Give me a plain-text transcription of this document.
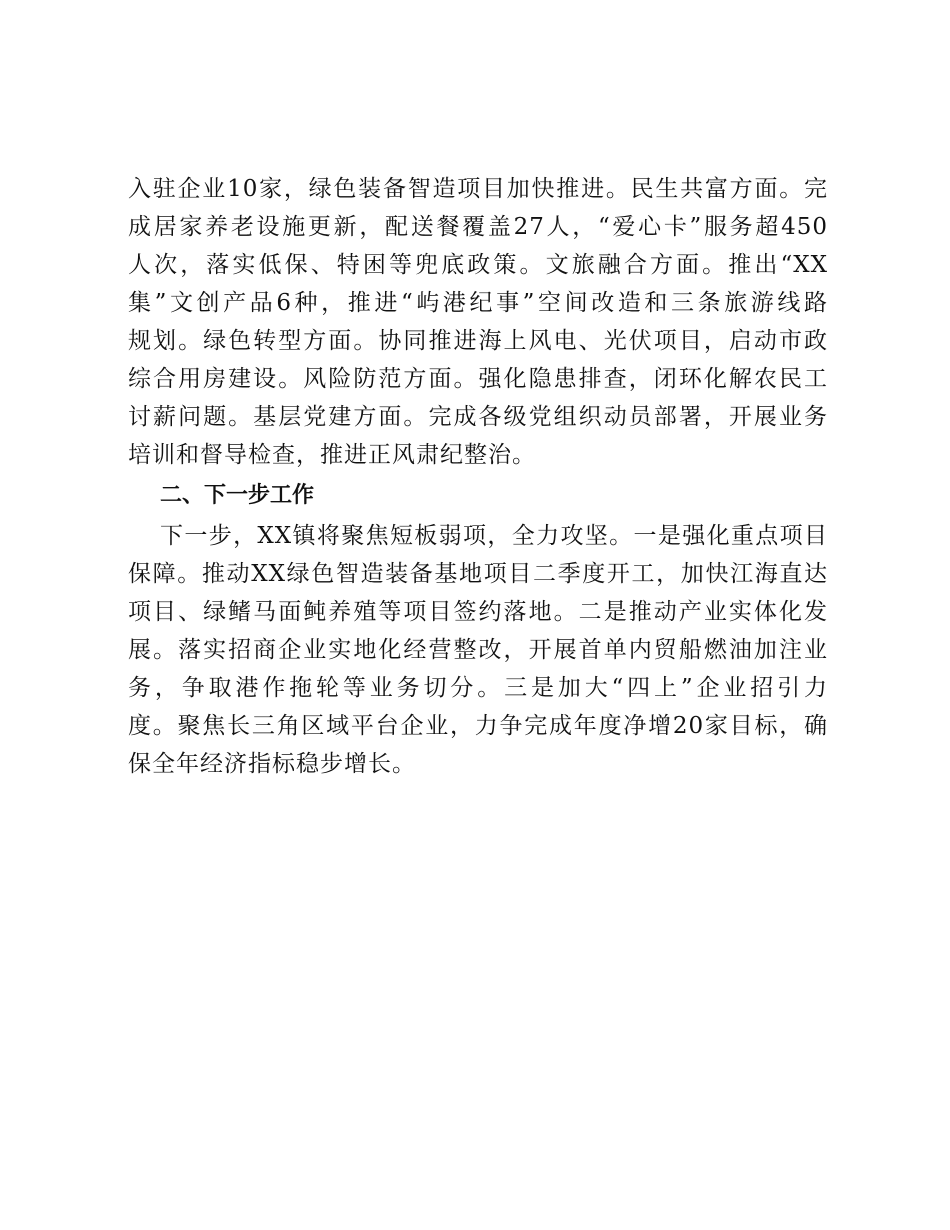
入驻企业10家，绿色装备智造项目加快推进。民生共富方面。完
成居家养老设施更新，配送餐覆盖27人，“爱心卡”服务超450
人次，落实低保、特困等兜底政策。文旅融合方面。推出“XX
集”文创产品6种，推进“屿港纪事”空间改造和三条旅游线路
规划。绿色转型方面。协同推进海上风电、光伏项目，启动市政
综合用房建设。风险防范方面。强化隐患排查，闭环化解农民工
讨薪问题。基层党建方面。完成各级党组织动员部署，开展业务
培训和督导检查，推进正风肃纪整治。
二、下一步工作
下一步，XX镇将聚焦短板弱项，全力攻坚。一是强化重点项目
保障。推动XX绿色智造装备基地项目二季度开工，加快江海直达
项目、绿鳍马面鲀养殖等项目签约落地。二是推动产业实体化发
展。落实招商企业实地化经营整改，开展首单内贸船燃油加注业
务，争取港作拖轮等业务切分。三是加大“四上”企业招引力
度。聚焦长三角区域平台企业，力争完成年度净增20家目标，确
保全年经济指标稳步增长。
